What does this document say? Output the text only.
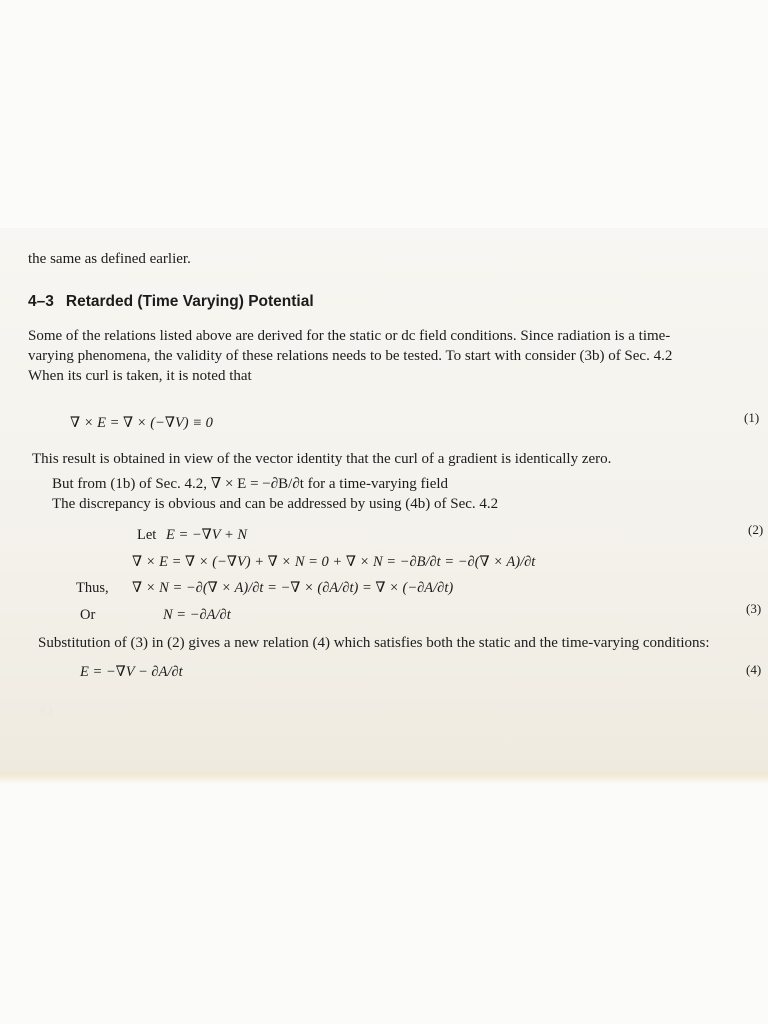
the same as defined earlier.
4–3 Retarded (Time Varying) Potential
Some of the relations listed above are derived for the static or dc field conditions. Since radiation is a time-
varying phenomena, the validity of these relations needs to be tested. To start with consider (3b) of Sec. 4.2
When its curl is taken, it is noted that
∇ × E = ∇ × (−∇V) ≡ 0	(1)
This result is obtained in view of the vector identity that the curl of a gradient is identically zero.
But from (1b) of Sec. 4.2, ∇ × E = −∂B/∂t for a time-varying field
The discrepancy is obvious and can be addressed by using (4b) of Sec. 4.2
Let E = −∇V + N	(2)
∇ × E = ∇ × (−∇V) + ∇ × N = 0 + ∇ × N = −∂B/∂t = −∂(∇ × A)/∂t
Thus, ∇ × N = −∂(∇ × A)/∂t = −∇ × (∂A/∂t) = ∇ × (−∂A/∂t)
Or	N = −∂A/∂t	(3)
Substitution of (3) in (2) gives a new relation (4) which satisfies both the static and the time-varying conditions:
E = −∇V − ∂A/∂t	(4)
63
